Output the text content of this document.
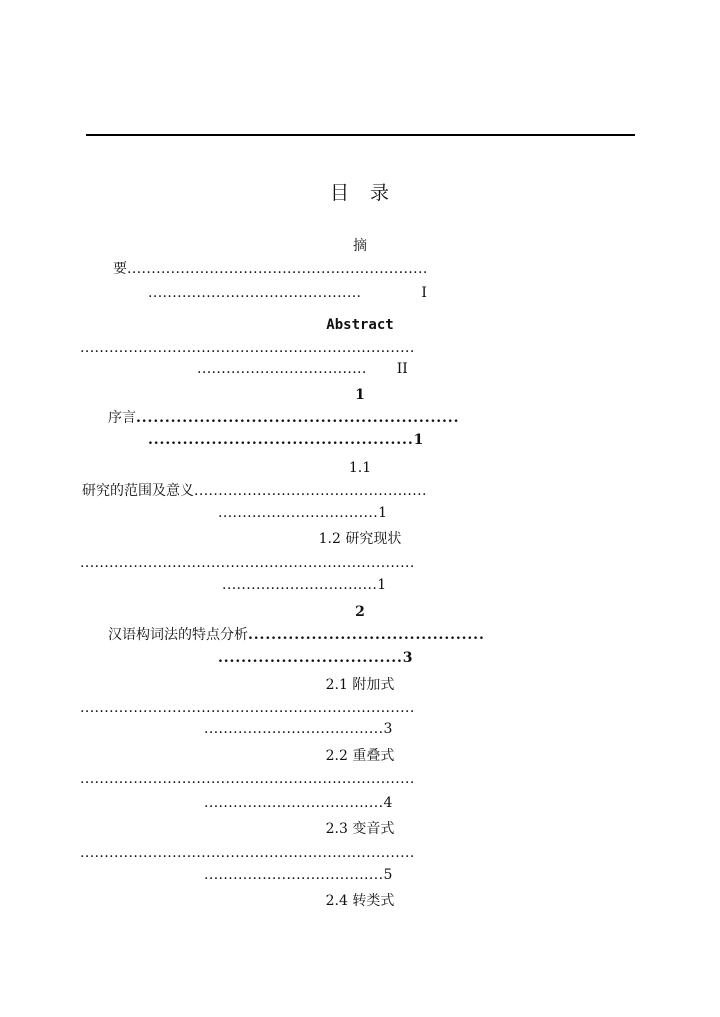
目 录
摘
要..............................................................
............................................	I
Abstract
.....................................................................
................................... II
1
序言........................................................
..............................................1
1.1
研究的范围及意义................................................
.................................1
1.2 研究现状
.....................................................................
................................1
2
汉语构词法的特点分析.........................................
................................3
2.1 附加式
.....................................................................
.....................................3
2.2 重叠式
.....................................................................
.....................................4
2.3 变音式
.....................................................................
.....................................5
2.4 转类式
